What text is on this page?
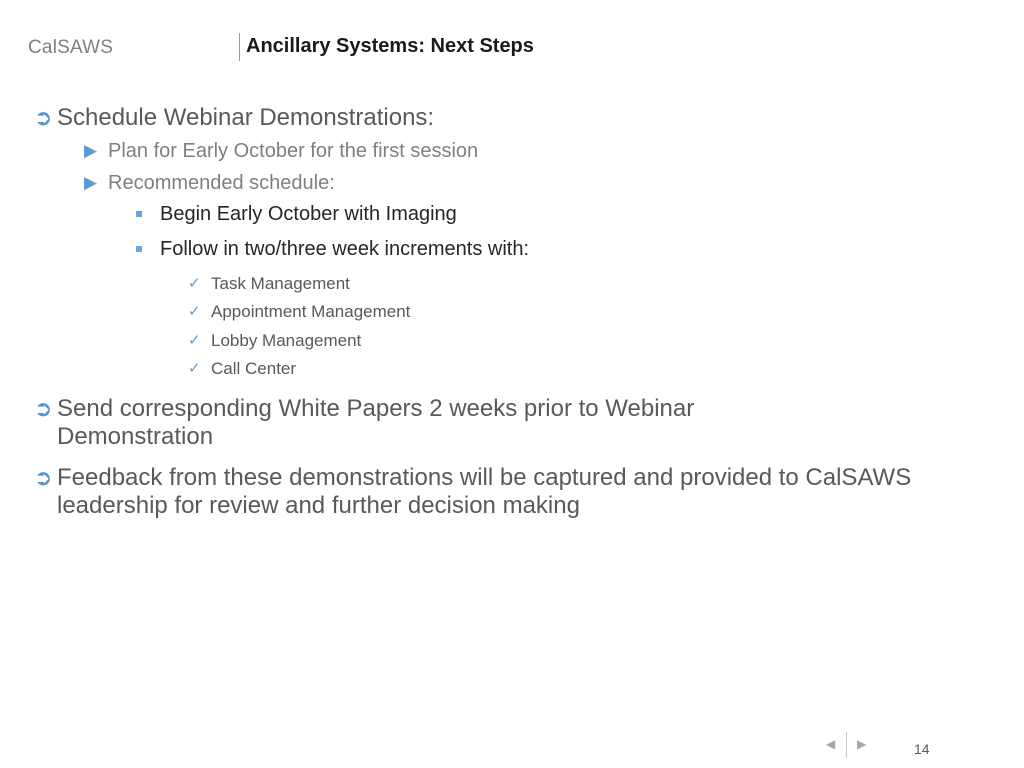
CalSAWS	Ancillary Systems: Next Steps
➲ Schedule Webinar Demonstrations:
▶ Plan for Early October for the first session
▶ Recommended schedule:
Begin Early October with Imaging
Follow in two/three week increments with:
✓ Task Management
✓ Appointment Management
✓ Lobby Management
✓ Call Center
➲ Send corresponding White Papers 2 weeks prior to Webinar Demonstration
➲ Feedback from these demonstrations will be captured and provided to CalSAWS leadership for review and further decision making
◀ ▶	14
